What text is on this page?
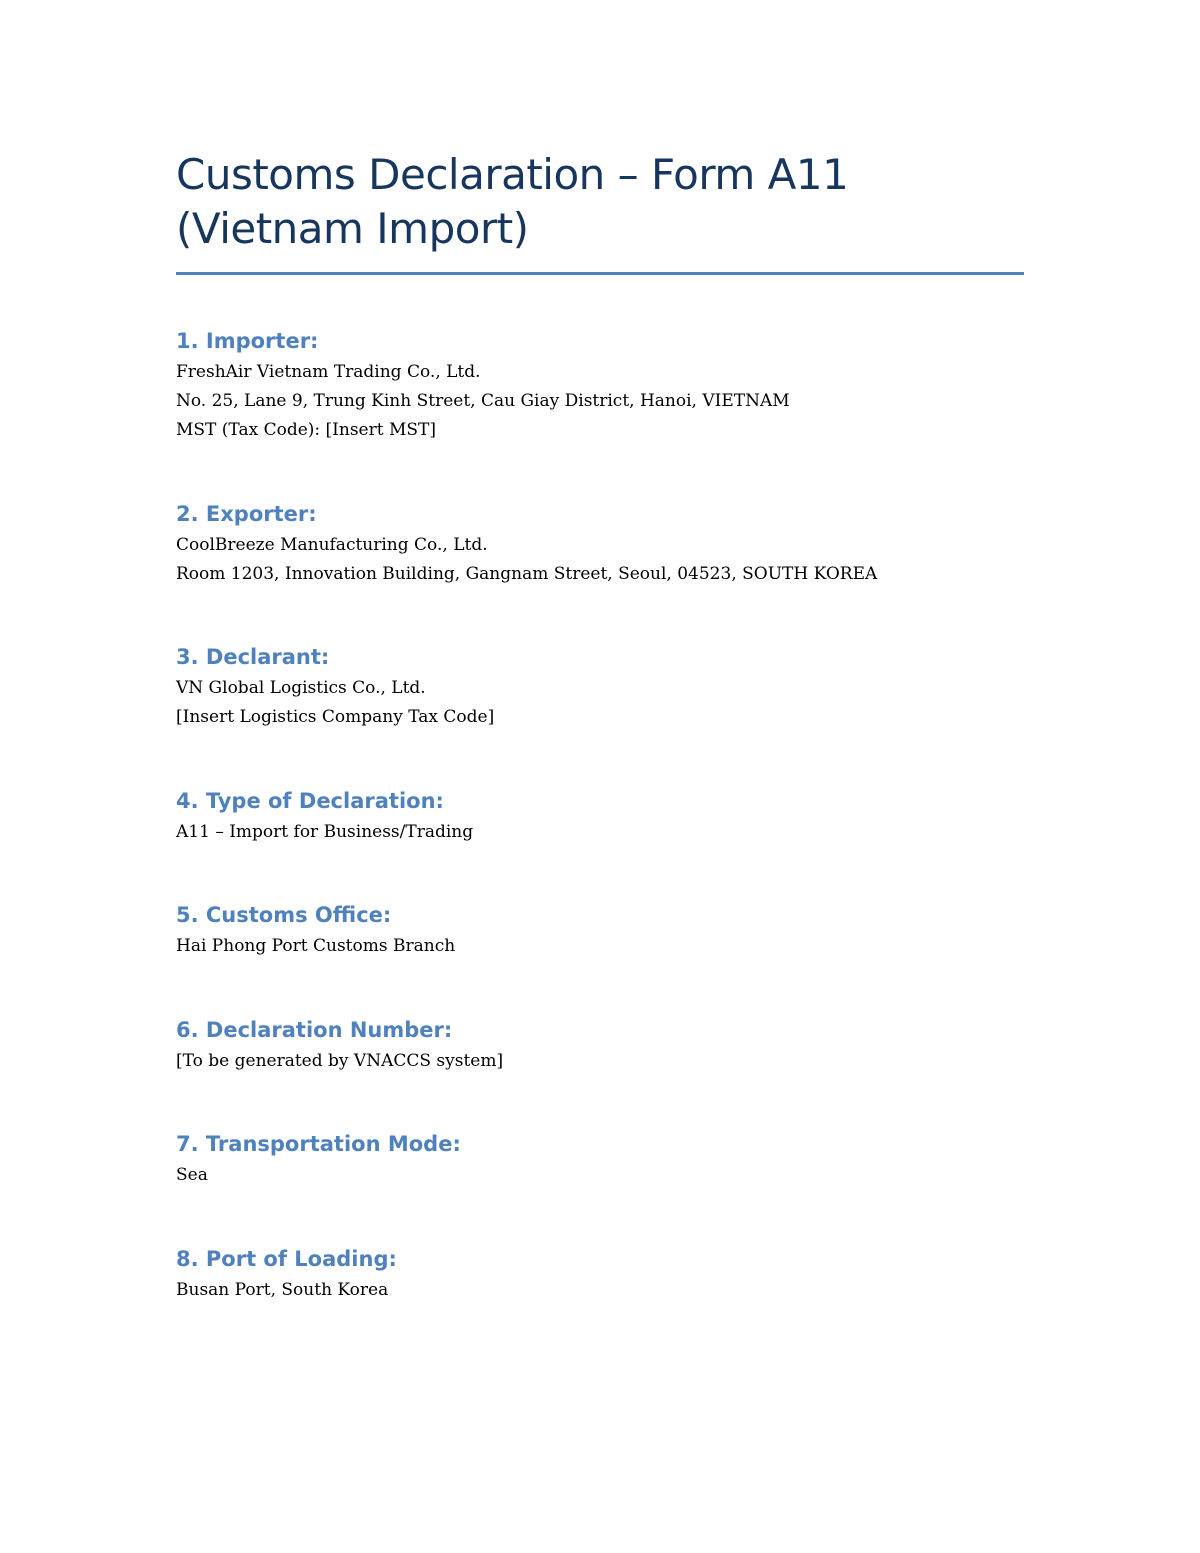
Customs Declaration – Form A11
(Vietnam Import)
1. Importer:
FreshAir Vietnam Trading Co., Ltd.
No. 25, Lane 9, Trung Kinh Street, Cau Giay District, Hanoi, VIETNAM
MST (Tax Code): [Insert MST]
2. Exporter:
CoolBreeze Manufacturing Co., Ltd.
Room 1203, Innovation Building, Gangnam Street, Seoul, 04523, SOUTH KOREA
3. Declarant:
VN Global Logistics Co., Ltd.
[Insert Logistics Company Tax Code]
4. Type of Declaration:
A11 – Import for Business/Trading
5. Customs Office:
Hai Phong Port Customs Branch
6. Declaration Number:
[To be generated by VNACCS system]
7. Transportation Mode:
Sea
8. Port of Loading:
Busan Port, South Korea
